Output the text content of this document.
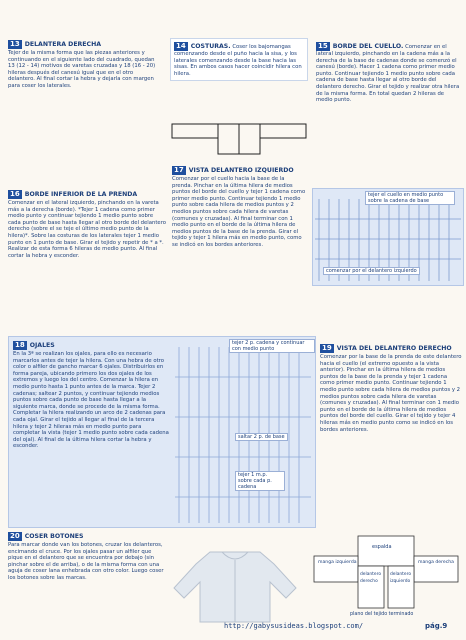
13 DELANTERA DERECHA
Tejer de la misma forma que las piezas anteriores y continuando en el siguiente lado del cuadrado, quedan 13 (12 - 14) motivos de varetas cruzadas y 18 (16 - 20) hileras después del canesú igual que en el otro delantero. Al final cortar la hebra y dejarla con margen para coser los laterales.
14 COSTURAS. Coser los bajomangas comenzando desde el puño hacia la sisa, y los laterales comenzando desde la base hacia las sisas. En ambos casos hacer coincidir hilera con hilera.
15 BORDE DEL CUELLO. Comenzar en el lateral izquierdo, pinchando en la cadena más a la derecha de la base de cadenas donde se comenzó el canesú (borde). Hacer 1 cadena como primer medio punto. Continuar tejiendo 1 medio punto sobre cada cadena de base hasta llegar al otro borde del delantero derecho. Girar el tejido y realizar otra hilera de la misma forma. En total quedan 2 hileras de medio punto.
16 BORDE INFERIOR DE LA PRENDA
Comenzar en el lateral izquierdo, pinchando en la vareta más a la derecha (borde). *Tejer 1 cadena como primer medio punto y continuar tejiendo 1 medio punto sobre cada punto de base hasta llegar al otro borde del delantero derecho (sobre el se teje el último medio punto de la hilera)*. Sobre las costuras de los laterales tejer 1 medio punto en 1 punto de base. Girar el tejido y repetir de * a *. Realizar de esta forma 6 hileras de medio punto. Al final cortar la hebra y esconder.
17 VISTA DELANTERO IZQUIERDO
Comenzar por el cuello hacia la base de la prenda. Pinchar en la última hilera de medios puntos del borde del cuello y tejer 1 cadena como primer medio punto. Continuar tejiendo 1 medio punto sobre cada hilera de medios puntos y 2 medios puntos sobre cada hilera de varetas (comunes y cruzadas). Al final terminar con 1 medio punto en el borde de la última hilera de medios puntos de la base de la prenda. Girar el tejido y tejer 1 hilera más en medio punto, como se indicó en los bordes anteriores.
tejer el cuello en medio punto sobre la cadena de base
comenzar por el delantero izquierdo
18 OJALES
En la 3ª se realizan los ojales, para ello es necesario marcarlos antes de tejer la hilera. Con una hebra de otro color o alfiler de gancho marcar 6 ojales. Distribuirlos en forma pareja, ubicando primero los dos ojales de los extremos y luego los del centro. Comenzar la hilera en medio punto hasta 1 punto antes de la marca. Tejer 2 cadenas; saltear 2 puntos, y continuar tejiendo medios puntos sobre cada punto de base hasta llegar a la siguiente marca, donde se procede de la misma forma. Completar la hilera realizando un arco de 2 cadenas para cada ojal. Girar el tejido al llegar al final de la tercera hilera y tejer 2 hileras más en medio punto para completar la vista (tejer 1 medio punto sobre cada cadena del ojal). Al final de la última hilera cortar la hebra y esconder.
tejer 2 p. cadena y continuar con medio punto
saltar 2 p. de base
tejer 1 m.p. sobre cada p. cadena
19 VISTA DEL DELANTERO DERECHO
Comenzar por la base de la prenda de este delantero hacia el cuello (el extremo opuesto a la vista anterior). Pinchar en la última hilera de medios puntos de la base de la prenda y tejer 1 cadena como primer medio punto. Continuar tejiendo 1 medio punto sobre cada hilera de medios puntos y 2 medios puntos sobre cada hilera de varetas (comunes y cruzadas). Al final terminar con 1 medio punto en el borde de la última hilera de medios puntos del borde del cuello. Girar el tejido y tejer 4 hileras más en medio punto como se indicó en los bordes anteriores.
20 COSER BOTONES
Para marcar donde van los botones, cruzar los delanteros, encimando el cruce. Por los ojales pasar un alfiler que pique en el delantero que se encuentra por debajo (sin pinchar sobre el de arriba), o de la misma forma con una aguja de coser lana enhebrada con otro color. Luego coser los botones sobre las marcas.
espalda
manga izquierda	manga derecha
delantero derecho
delantero izquierdo
plano del tejido terminado
http://gabysusideas.blogspot.com/	pág.9
